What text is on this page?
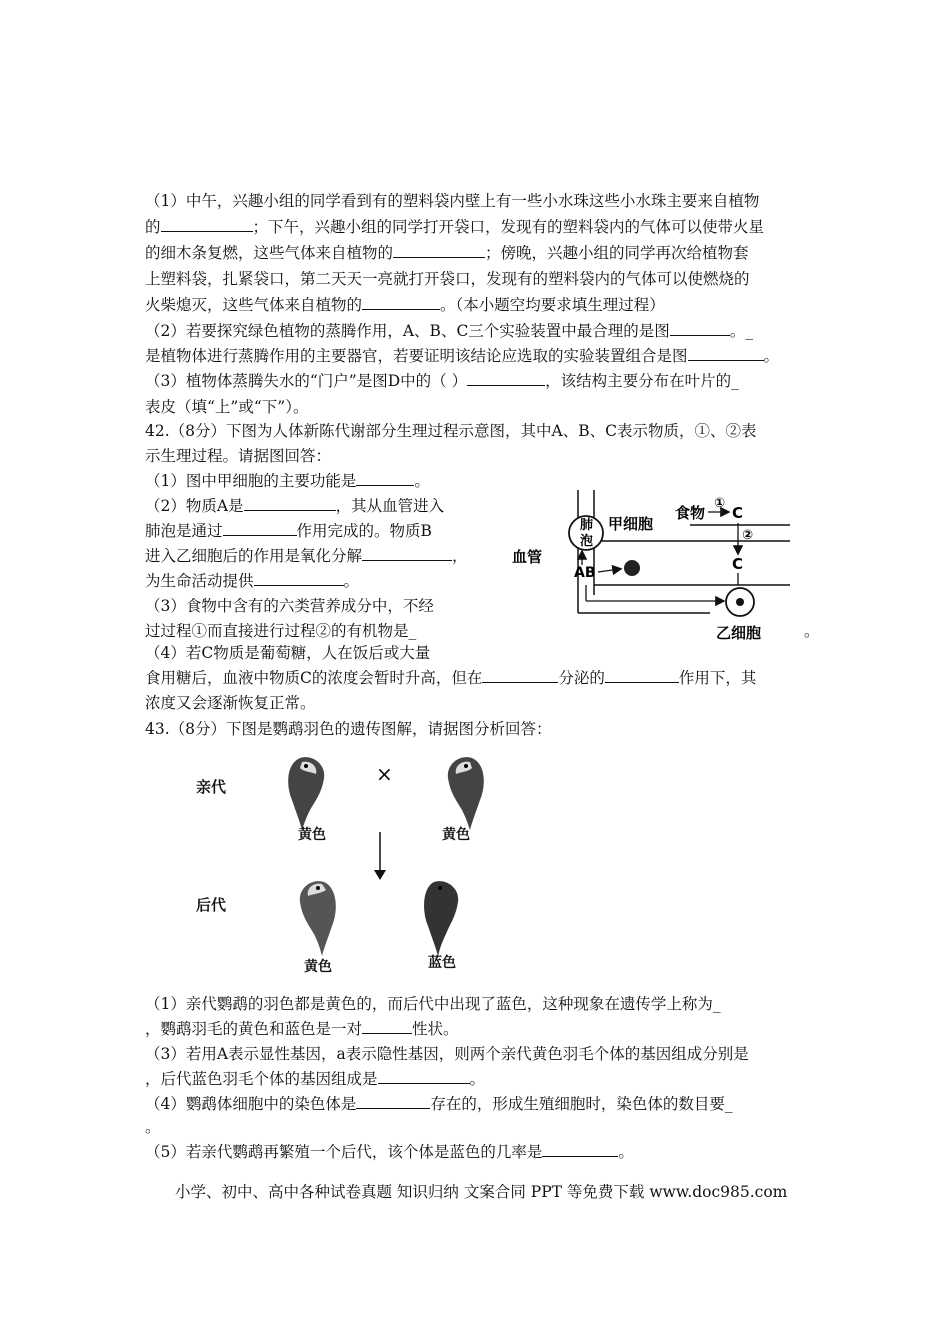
（1）中午，兴趣小组的同学看到有的塑料袋内壁上有一些小水珠这些小水珠主要来自植物
的	；下午，兴趣小组的同学打开袋口，发现有的塑料袋内的气体可以使带火星
的细木条复燃，这些气体来自植物的	；傍晚，兴趣小组的同学再次给植物套
上塑料袋，扎紧袋口，第二天天一亮就打开袋口，发现有的塑料袋内的气体可以使燃烧的
火柴熄灭，这些气体来自植物的	。（本小题空均要求填生理过程）
（2）若要探究绿色植物的蒸腾作用，A、B、C三个实验装置中最合理的是图	。_
是植物体进行蒸腾作用的主要器官，若要证明该结论应选取的实验装置组合是图	。
（3）植物体蒸腾失水的“门户”是图D中的（ ）	，该结构主要分布在叶片的_
表皮（填“上”或“下”）。
42.（8分）下图为人体新陈代谢部分生理过程示意图，其中A、B、C表示物质，①、②表
示生理过程。请据图回答：
（1）图中甲细胞的主要功能是	。
（2）物质A是	，其从血管进入
肺泡是通过	作用完成的。物质B
进入乙细胞后的作用是氧化分解	，
为生命活动提供	。
（3）食物中含有的六类营养成分中，不经
过过程①而直接进行过程②的有机物是_	。
（4）若C物质是葡萄糖，人在饭后或大量
食用糖后，血液中物质C的浓度会暂时升高，但在	分泌的	作用下，其
浓度又会逐渐恢复正常。
肺
泡
甲细胞
AB
血管
食物
①
C
②
C
乙细胞
43.（8分）下图是鹦鹉羽色的遗传图解，请据图分析回答：
亲代
×
黄色	黄色
后代
黄色	蓝色
（1）亲代鹦鹉的羽色都是黄色的，而后代中出现了蓝色，这种现象在遗传学上称为_
，鹦鹉羽毛的黄色和蓝色是一对	性状。
（3）若用A表示显性基因，a表示隐性基因，则两个亲代黄色羽毛个体的基因组成分别是
，后代蓝色羽毛个体的基因组成是	。
（4）鹦鹉体细胞中的染色体是	存在的，形成生殖细胞时，染色体的数目要_
。
（5）若亲代鹦鹉再繁殖一个后代，该个体是蓝色的几率是	。
小学、初中、高中各种试卷真题 知识归纳 文案合同 PPT 等免费下载 www.doc985.com
